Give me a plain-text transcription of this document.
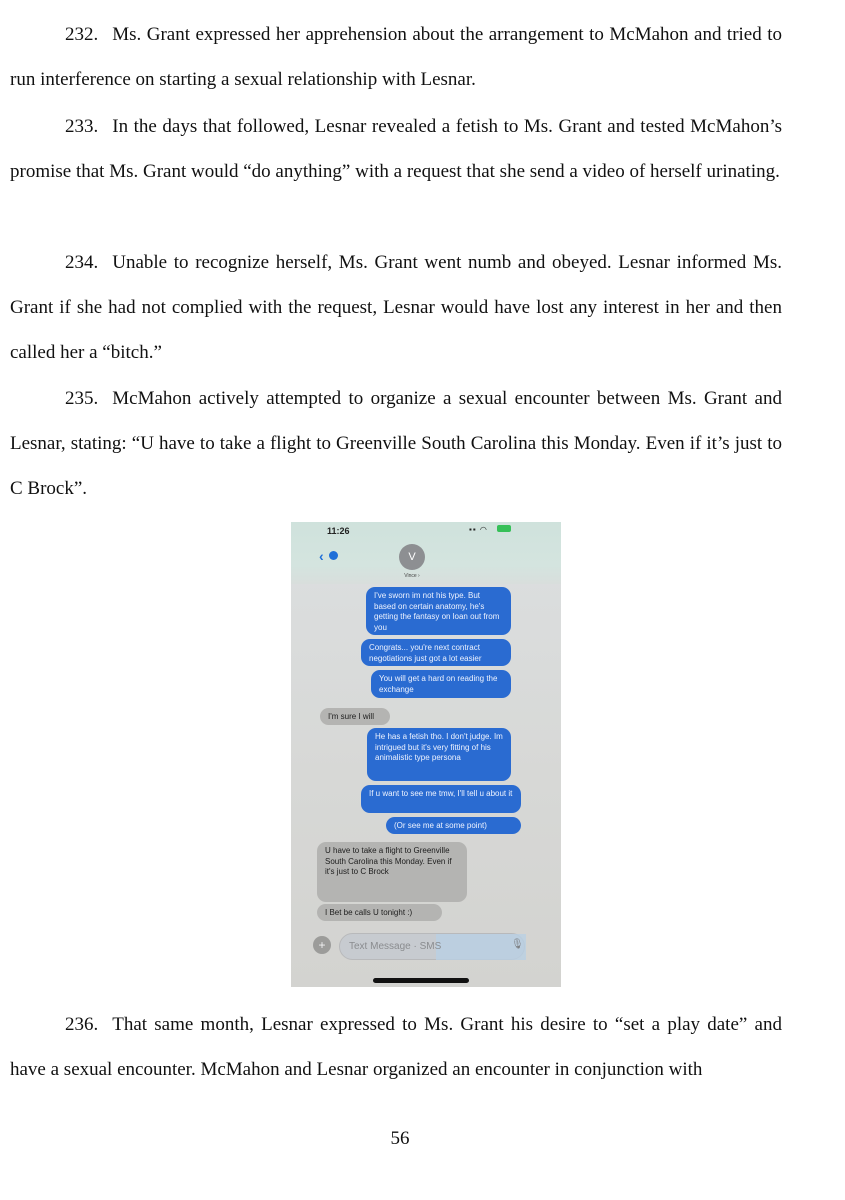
232. Ms. Grant expressed her apprehension about the arrangement to McMahon and tried to run interference on starting a sexual relationship with Lesnar.

233. In the days that followed, Lesnar revealed a fetish to Ms. Grant and tested McMahon’s promise that Ms. Grant would “do anything” with a request that she send a video of herself urinating.

234. Unable to recognize herself, Ms. Grant went numb and obeyed. Lesnar informed Ms. Grant if she had not complied with the request, Lesnar would have lost any interest in her and then called her a “bitch.”

235. McMahon actively attempted to organize a sexual encounter between Ms. Grant and Lesnar, stating: “U have to take a flight to Greenville South Carolina this Monday. Even if it’s just to C Brock”.

11:26	▪▪ ◠
‹	V
Vince ›
I've sworn im not his type. But based on certain anatomy, he's getting the fantasy on loan out from you
Congrats... you're next contract negotiations just got a lot easier
You will get a hard on reading the exchange
I'm sure I will
He has a fetish tho. I don't judge. Im intrigued but it's very fitting of his animalistic type persona
If u want to see me tmw, I'll tell u about it
(Or see me at some point)
U have to take a flight to Greenville South Carolina this Monday. Even if it's just to C Brock
I Bet be calls U tonight :)
+	Text Message · SMS	🎙

236. That same month, Lesnar expressed to Ms. Grant his desire to “set a play date” and have a sexual encounter. McMahon and Lesnar organized an encounter in conjunction with

56
